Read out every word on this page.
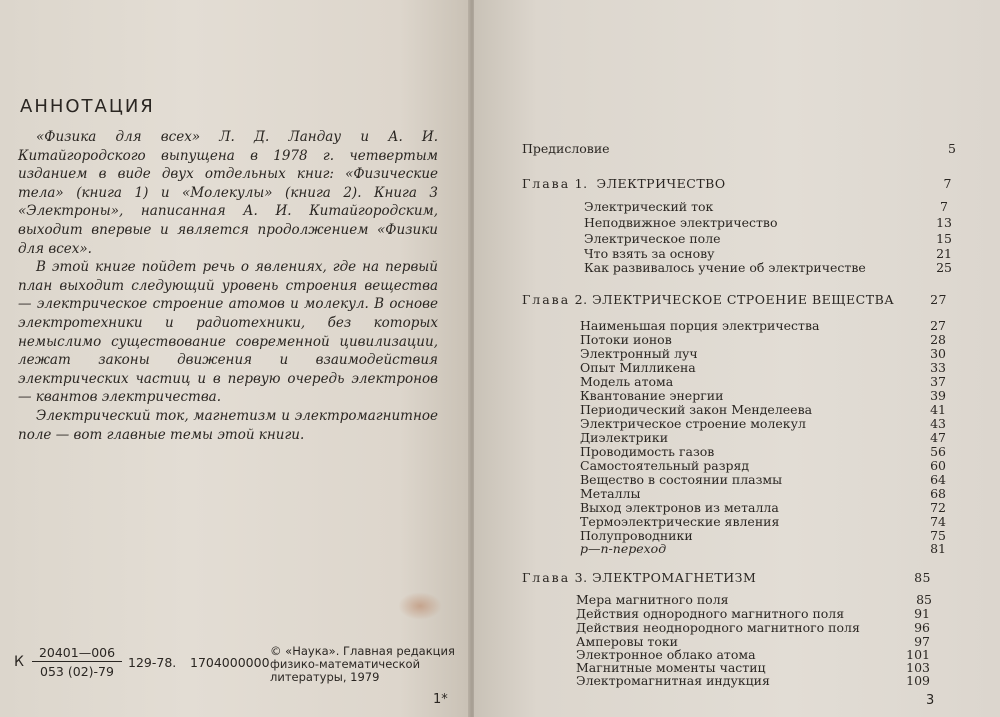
АННОТАЦИЯ

«Физика для всех» Л. Д. Ландау и А. И. Китайгородского выпущена в 1978 г. четвертым изданием в виде двух отдельных книг: «Физические тела» (книга 1) и «Молекулы» (книга 2). Книга 3 «Электроны», написанная А. И. Китайгородским, выходит впервые и является продолжением «Физики для всех».

В этой книге пойдет речь о явлениях, где на первый план выходит следующий уровень строения вещества — электрическое строение атомов и молекул. В основе электротехники и радиотехники, без которых немыслимо существование современной цивилизации, лежат законы движения и взаимодействия электрических частиц и в первую очередь электронов — квантов электричества.

Электрический ток, магнетизм и электромагнитное поле — вот главные темы этой книги.

К $\frac{20401—006}{053 (02)-79} 129-78$. 1704000000
© «Наука». Главная редакция
физико-математической
литературы, 1979
1*
Предисловие	5
Глава 1. ЭЛЕКТРИЧЕСТВО	7
Электрический ток	7
Неподвижное электричество	13
Электрическое поле	15
Что взять за основу	21
Как развивалось учение об электричестве	25
Глава 2. ЭЛЕКТРИЧЕСКОЕ СТРОЕНИЕ ВЕЩЕСТВА	27
Наименьшая порция электричества	27
Потоки ионов	28
Электронный луч	30
Опыт Милликена	33
Модель атома	37
Квантование энергии	39
Периодический закон Менделеева	41
Электрическое строение молекул	43
Диэлектрики	47
Проводимость газов	56
Самостоятельный разряд	60
Вещество в состоянии плазмы	64
Металлы	68
Выход электронов из металла	72
Термоэлектрические явления	74
Полупроводники	75
p—n-переход	81
Глава 3. ЭЛЕКТРОМАГНЕТИЗМ	85
Мера магнитного поля	85
Действия однородного магнитного поля	91
Действия неоднородного магнитного поля	96
Амперовы токи	97
Электронное облако атома	101
Магнитные моменты частиц	103
Электромагнитная индукция	109
3
